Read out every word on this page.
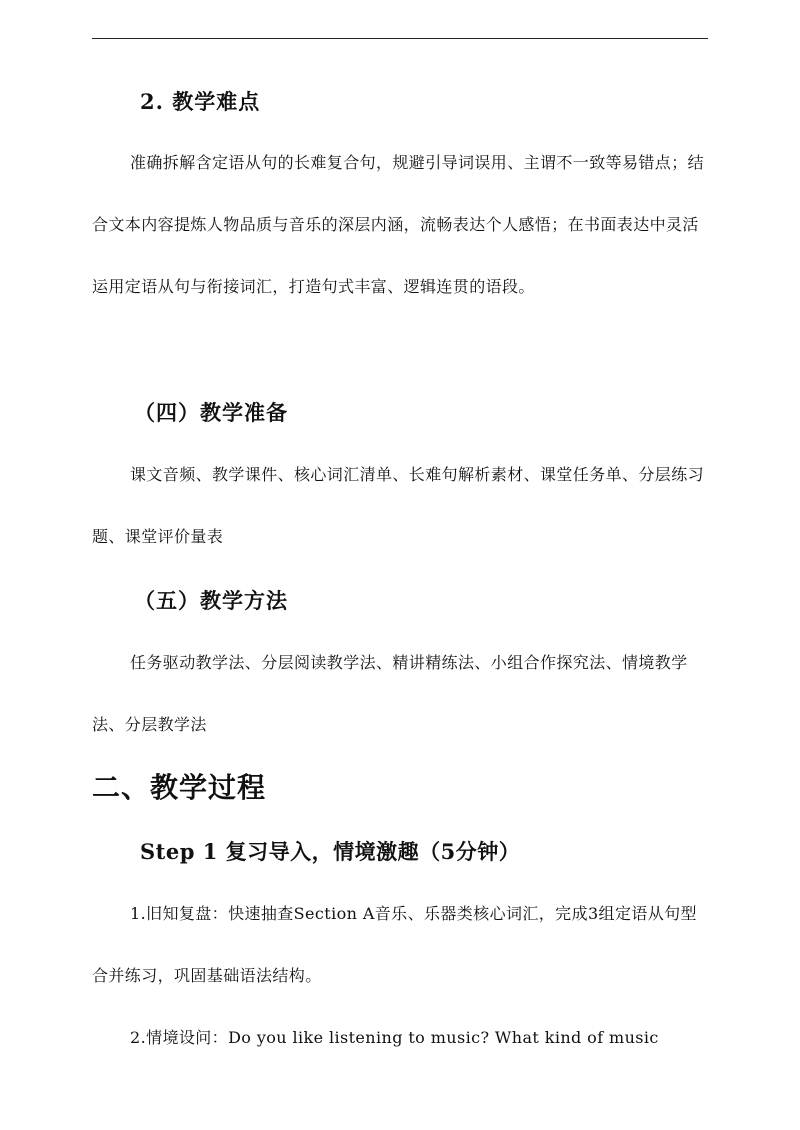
2. 教学难点

准确拆解含定语从句的长难复合句，规避引导词误用、主谓不一致等易错点；结合文本内容提炼人物品质与音乐的深层内涵，流畅表达个人感悟；在书面表达中灵活运用定语从句与衔接词汇，打造句式丰富、逻辑连贯的语段。

（四）教学准备

课文音频、教学课件、核心词汇清单、长难句解析素材、课堂任务单、分层练习题、课堂评价量表

（五）教学方法

任务驱动教学法、分层阅读教学法、精讲精练法、小组合作探究法、情境教学法、分层教学法

二、教学过程
Step 1 复习导入，情境激趣（5分钟）

1.旧知复盘：快速抽查Section A音乐、乐器类核心词汇，完成3组定语从句型合并练习，巩固基础语法结构。

2.情境设问：Do you like listening to music? What kind of music
